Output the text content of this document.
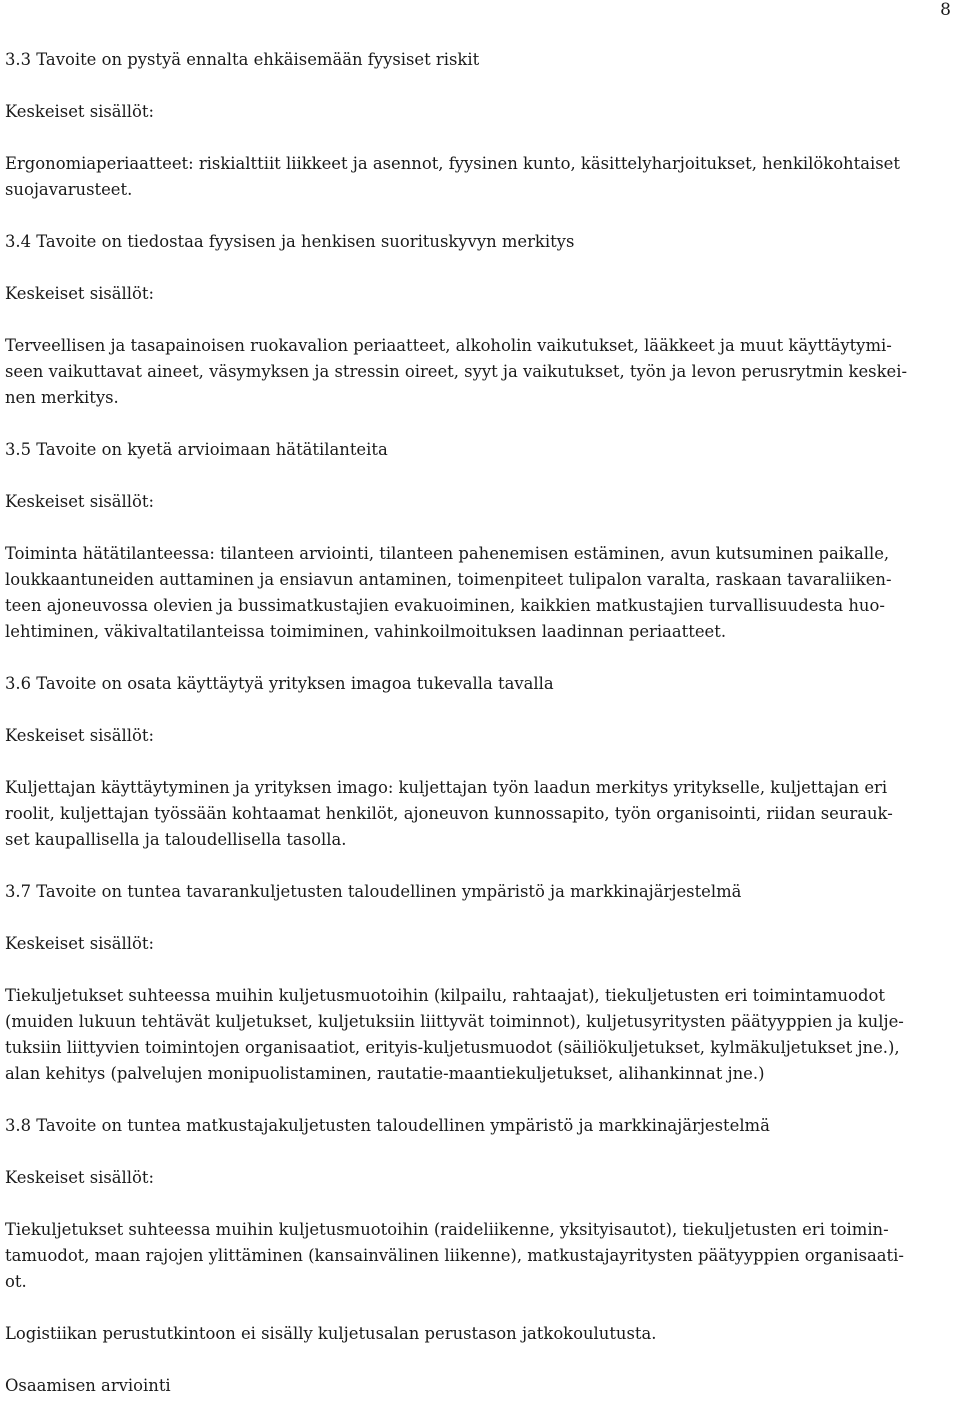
8
3.3 Tavoite on pystyä ennalta ehkäisemään fyysiset riskit
Keskeiset sisällöt:
Ergonomiaperiaatteet: riskialttiit liikkeet ja asennot, fyysinen kunto, käsittelyharjoitukset, henkilökohtaiset
suojavarusteet.
3.4 Tavoite on tiedostaa fyysisen ja henkisen suorituskyvyn merkitys
Keskeiset sisällöt:
Terveellisen ja tasapainoisen ruokavalion periaatteet, alkoholin vaikutukset, lääkkeet ja muut käyttäytymi-
seen vaikuttavat aineet, väsymyksen ja stressin oireet, syyt ja vaikutukset, työn ja levon perusrytmin keskei-
nen merkitys.
3.5 Tavoite on kyetä arvioimaan hätätilanteita
Keskeiset sisällöt:
Toiminta hätätilanteessa: tilanteen arviointi, tilanteen pahenemisen estäminen, avun kutsuminen paikalle,
loukkaantuneiden auttaminen ja ensiavun antaminen, toimenpiteet tulipalon varalta, raskaan tavaraliiken-
teen ajoneuvossa olevien ja bussimatkustajien evakuoiminen, kaikkien matkustajien turvallisuudesta huo-
lehtiminen, väkivaltatilanteissa toimiminen, vahinkoilmoituksen laadinnan periaatteet.
3.6 Tavoite on osata käyttäytyä yrityksen imagoa tukevalla tavalla
Keskeiset sisällöt:
Kuljettajan käyttäytyminen ja yrityksen imago: kuljettajan työn laadun merkitys yritykselle, kuljettajan eri
roolit, kuljettajan työssään kohtaamat henkilöt, ajoneuvon kunnossapito, työn organisointi, riidan seurauk-
set kaupallisella ja taloudellisella tasolla.
3.7 Tavoite on tuntea tavarankuljetusten taloudellinen ympäristö ja markkinajärjestelmä
Keskeiset sisällöt:
Tiekuljetukset suhteessa muihin kuljetusmuotoihin (kilpailu, rahtaajat), tiekuljetusten eri toimintamuodot
(muiden lukuun tehtävät kuljetukset, kuljetuksiin liittyvät toiminnot), kuljetusyritysten päätyyppien ja kulje-
tuksiin liittyvien toimintojen organisaatiot, erityis-kuljetusmuodot (säiliökuljetukset, kylmäkuljetukset jne.),
alan kehitys (palvelujen monipuolistaminen, rautatie-maantiekuljetukset, alihankinnat jne.)
3.8 Tavoite on tuntea matkustajakuljetusten taloudellinen ympäristö ja markkinajärjestelmä
Keskeiset sisällöt:
Tiekuljetukset suhteessa muihin kuljetusmuotoihin (raideliikenne, yksityisautot), tiekuljetusten eri toimin-
tamuodot, maan rajojen ylittäminen (kansainvälinen liikenne), matkustajayritysten päätyyppien organisaati-
ot.
Logistiikan perustutkintoon ei sisälly kuljetusalan perustason jatkokoulutusta.
Osaamisen arviointi
